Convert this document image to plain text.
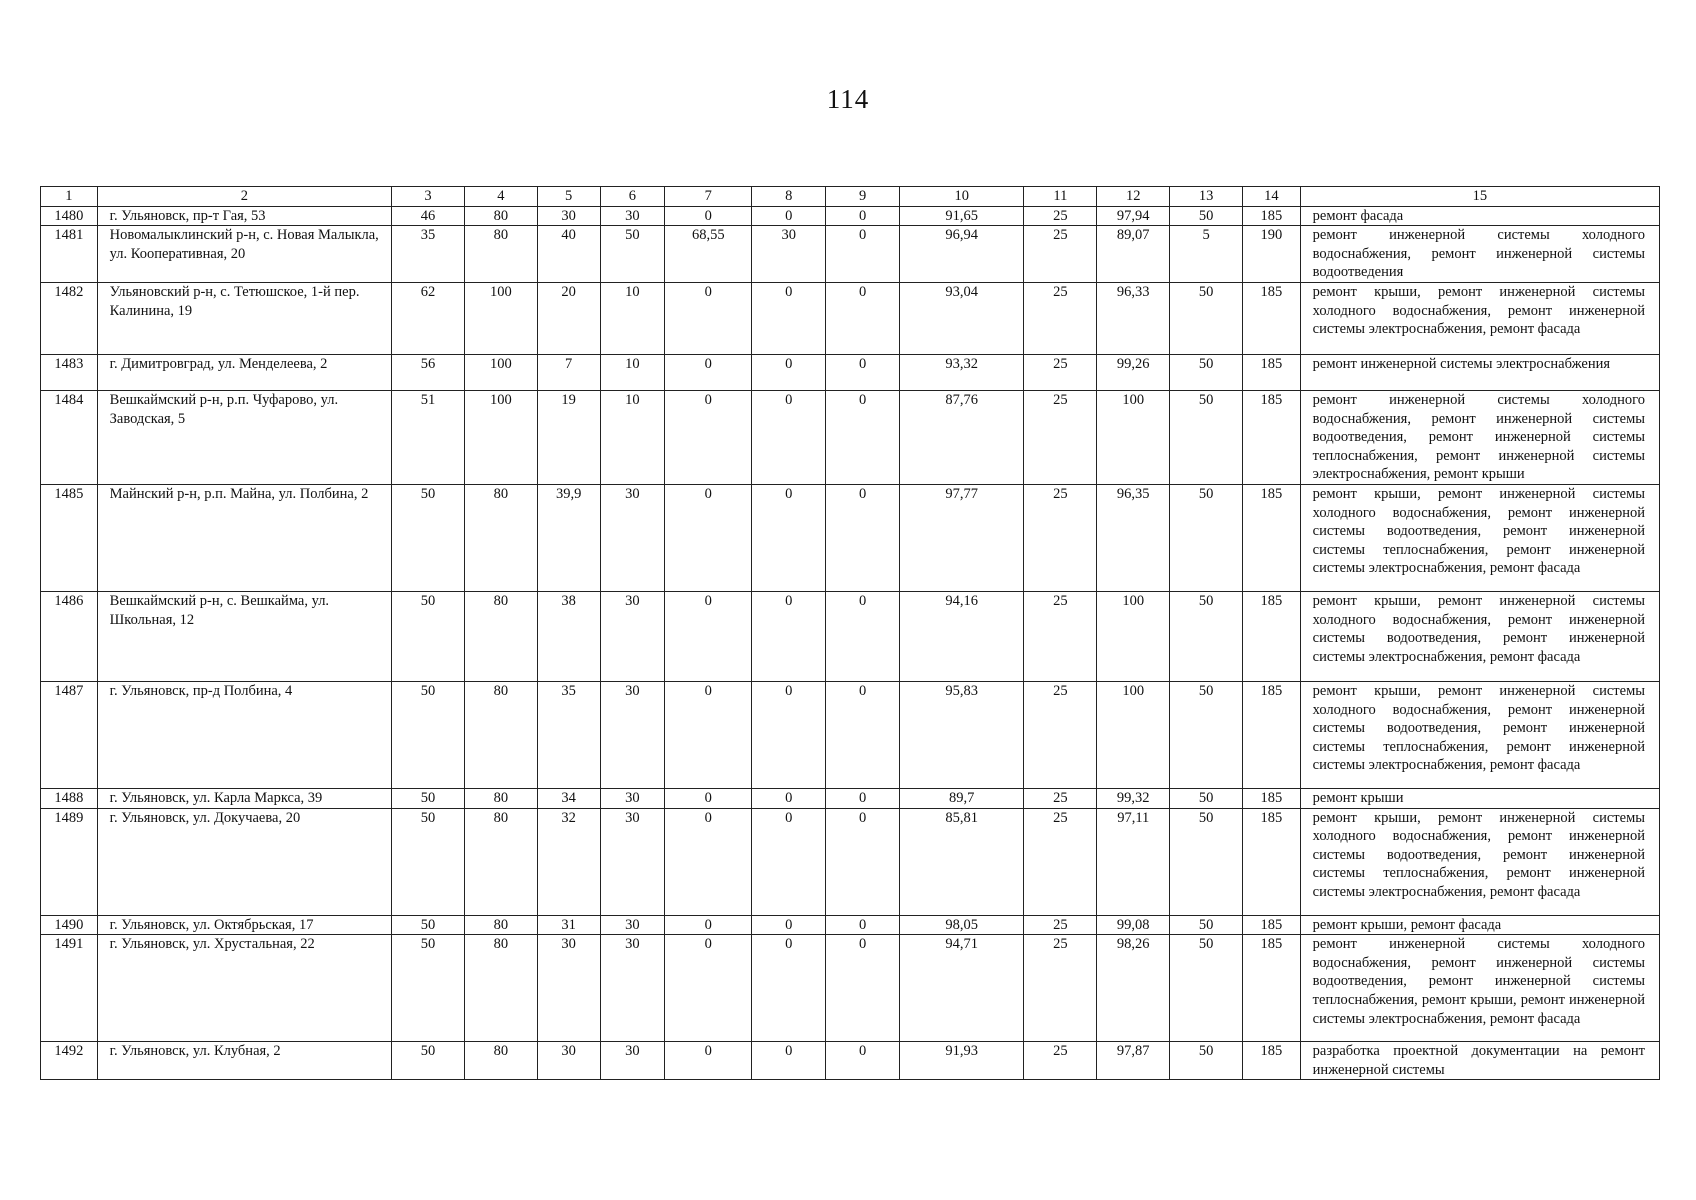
114
1	2	3	4	5	6	7	8	9	10	11	12	13	14	15
1480	г. Ульяновск, пр-т Гая, 53	46	80	30	30	0	0	0	91,65	25	97,94	50	185	ремонт фасада
1481	Новомалыклинский р-н, с. Новая Малыкла, ул. Кооперативная, 20	35	80	40	50	68,55	30	0	96,94	25	89,07	5	190	ремонт инженерной системы холодного водоснабжения, ремонт инженерной системы водоотведения
1482	Ульяновский р-н, с. Тетюшское, 1-й пер. Калинина, 19	62	100	20	10	0	0	0	93,04	25	96,33	50	185	ремонт крыши, ремонт инженерной системы холодного водоснабжения, ремонт инженерной системы электроснабжения, ремонт фасада
1483	г. Димитровград, ул. Менделеева, 2	56	100	7	10	0	0	0	93,32	25	99,26	50	185	ремонт инженерной системы электроснабжения
1484	Вешкаймский р-н, р.п. Чуфарово, ул. Заводская, 5	51	100	19	10	0	0	0	87,76	25	100	50	185	ремонт инженерной системы холодного водоснабжения, ремонт инженерной системы водоотведения, ремонт инженерной системы теплоснабжения, ремонт инженерной системы электроснабжения, ремонт крыши
1485	Майнский р-н, р.п. Майна, ул. Полбина, 2	50	80	39,9	30	0	0	0	97,77	25	96,35	50	185	ремонт крыши, ремонт инженерной системы холодного водоснабжения, ремонт инженерной системы водоотведения, ремонт инженерной системы теплоснабжения, ремонт инженерной системы электроснабжения, ремонт фасада
1486	Вешкаймский р-н, с. Вешкайма, ул. Школьная, 12	50	80	38	30	0	0	0	94,16	25	100	50	185	ремонт крыши, ремонт инженерной системы холодного водоснабжения, ремонт инженерной системы водоотведения, ремонт инженерной системы электроснабжения, ремонт фасада
1487	г. Ульяновск, пр-д Полбина, 4	50	80	35	30	0	0	0	95,83	25	100	50	185	ремонт крыши, ремонт инженерной системы холодного водоснабжения, ремонт инженерной системы водоотведения, ремонт инженерной системы теплоснабжения, ремонт инженерной системы электроснабжения, ремонт фасада
1488	г. Ульяновск, ул. Карла Маркса, 39	50	80	34	30	0	0	0	89,7	25	99,32	50	185	ремонт крыши
1489	г. Ульяновск, ул. Докучаева, 20	50	80	32	30	0	0	0	85,81	25	97,11	50	185	ремонт крыши, ремонт инженерной системы холодного водоснабжения, ремонт инженерной системы водоотведения, ремонт инженерной системы теплоснабжения, ремонт инженерной системы электроснабжения, ремонт фасада
1490	г. Ульяновск, ул. Октябрьская, 17	50	80	31	30	0	0	0	98,05	25	99,08	50	185	ремонт крыши, ремонт фасада
1491	г. Ульяновск, ул. Хрустальная, 22	50	80	30	30	0	0	0	94,71	25	98,26	50	185	ремонт инженерной системы холодного водоснабжения, ремонт инженерной системы водоотведения, ремонт инженерной системы теплоснабжения, ремонт крыши, ремонт инженерной системы электроснабжения, ремонт фасада
1492	г. Ульяновск, ул. Клубная, 2	50	80	30	30	0	0	0	91,93	25	97,87	50	185	разработка проектной документации на ремонт инженерной системы
